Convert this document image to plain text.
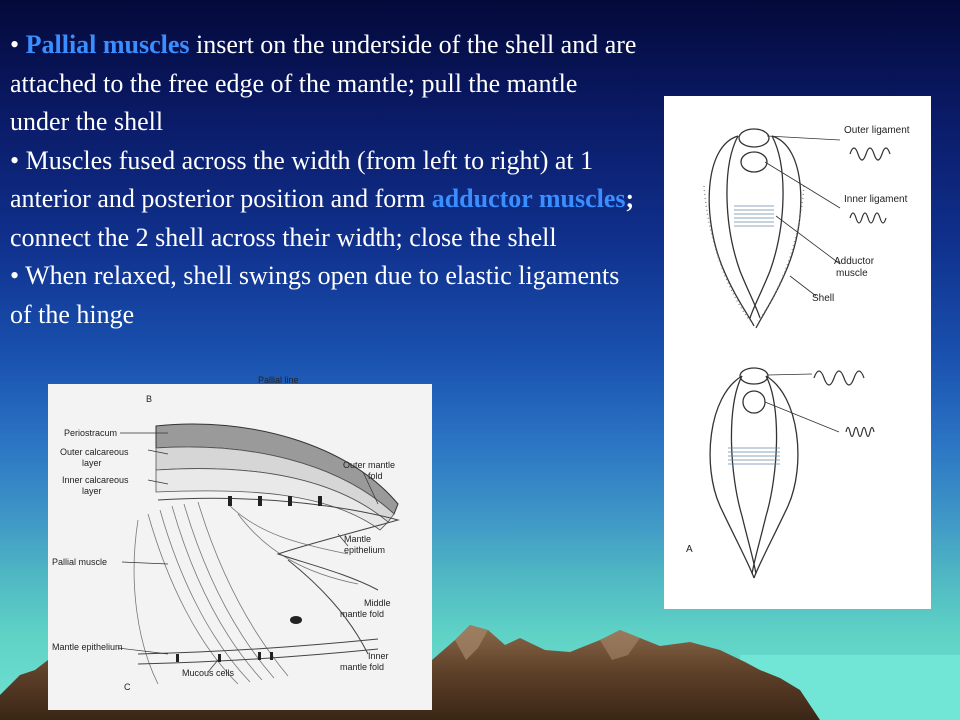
• Pallial muscles insert on the underside of the shell and are attached to the free edge of the mantle; pull the mantle under the shell

• Muscles fused across the width (from left to right) at 1 anterior and posterior position and form adductor muscles; connect the 2 shell across their width; close the shell

• When relaxed, shell swings open due to elastic ligaments of the hinge

Outer ligament
Inner ligament
Adductor
muscle
Shell
A
Pallial line
B
Periostracum
Outer calcareous
layer
Inner calcareous
layer
Outer mantle
fold
Mantle
epithelium
Pallial muscle
Middle
mantle fold
Mantle epithelium
Inner
mantle fold
Mucous cells
C
